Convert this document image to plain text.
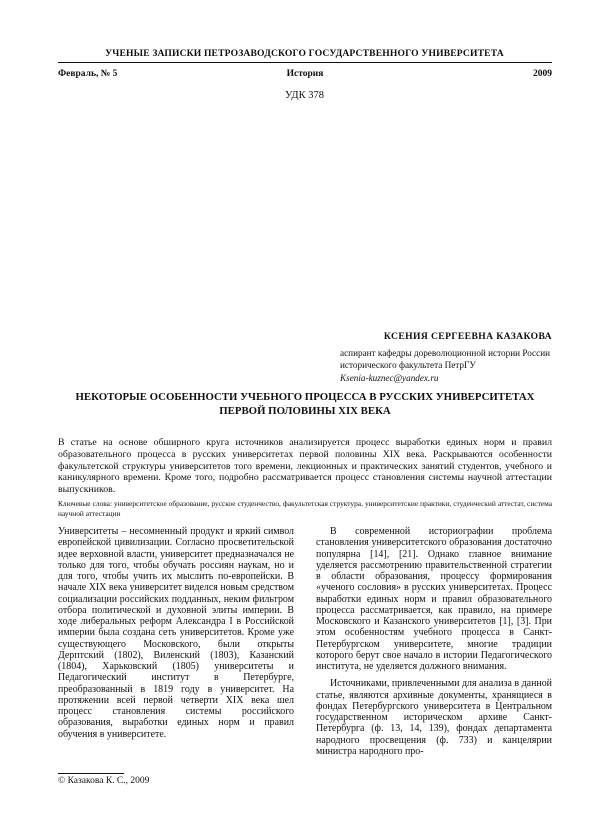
УЧЕНЫЕ ЗАПИСКИ ПЕТРОЗАВОДСКОГО ГОСУДАРСТВЕННОГО УНИВЕРСИТЕТА
История
Февраль, № 5	2009
УДК 378
КСЕНИЯ СЕРГЕЕВНА КАЗАКОВА
аспирант кафедры дореволюционной истории России исторического факультета ПетрГУ
Ksenia-kuznec@yandex.ru
НЕКОТОРЫЕ ОСОБЕННОСТИ УЧЕБНОГО ПРОЦЕССА В РУССКИХ УНИВЕРСИТЕТАХ
ПЕРВОЙ ПОЛОВИНЫ XIX ВЕКА
В статье на основе обширного круга источников анализируется процесс выработки единых норм и правил образовательного процесса в русских университетах первой половины XIX века. Раскрываются особенности факультетской структуры университетов того времени, лекционных и практических занятий студентов, учебного и каникулярного времени. Кроме того, подробно рассматривается процесс становления системы научной аттестации выпускников.
Ключевые слова: университетское образование, русское студенчество, факультетская структура, университетские практики, студенческий аттестат, система научной аттестации

Университеты – несомненный продукт и яркий символ европейской цивилизации. Согласно просветительской идее верховной власти, университет предназначался не только для того, чтобы обучать россиян наукам, но и для того, чтобы учить их мыслить по-европейски. В начале XIX века университет виделся новым средством социализации российских подданных, неким фильтром отбора политической и духовной элиты империи. В ходе либеральных реформ Александра I в Российской империи была создана сеть университетов. Кроме уже существующего Московского, были открыты Дерптский (1802), Виленский (1803), Казанский (1804), Харьковский (1805) университеты и Педагогический институт в Петербурге, преобразованный в 1819 году в университет. На протяжении всей первой четверти XIX века шел процесс становления системы российского образования, выработки единых норм и правил обучения в университете.

В современной историографии проблема становления университетского образования достаточно популярна [14], [21]. Однако главное внимание уделяется рассмотрению правительственной стратегии в области образования, процессу формирования «ученого сословия» в русских университетах. Процесс выработки единых норм и правил образовательного процесса рассматривается, как правило, на примере Московского и Казанского университетов [1], [3]. При этом особенностям учебного процесса в Санкт-Петербургском университете, многие традиции которого берут свое начало в истории Педагогического института, не уделяется должного внимания.

Источниками, привлеченными для анализа в данной статье, являются архивные документы, хранящиеся в фондах Петербургского университета в Центральном государственном историческом архиве Санкт-Петербурга (ф. 13, 14, 139), фондах департамента народного просвещения (ф. 733) и канцелярии министра народного про-

© Казакова К. С., 2009
